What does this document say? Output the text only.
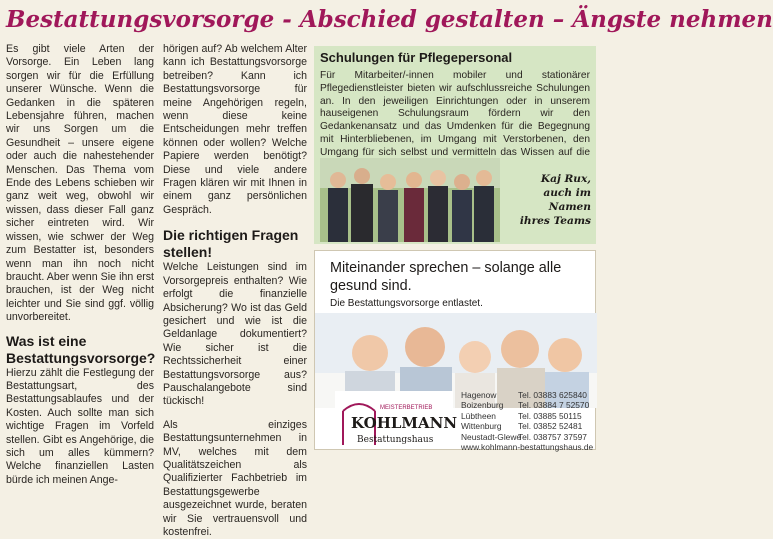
Bestattungsvorsorge - Abschied gestalten – Ängste nehmen

Es gibt viele Arten der Vorsorge. Ein Leben lang sorgen wir für die Erfüllung unserer Wünsche. Wenn die Gedanken in die späteren Lebensjahre führen, machen wir uns Sorgen um die Gesundheit – unsere eigene oder auch die nahestehender Menschen. Das Thema vom Ende des Lebens schieben wir ganz weit weg, obwohl wir wissen, dass dieser Fall ganz sicher eintreten wird. Wir wissen, wie schwer der Weg zum Bestatter ist, besonders wenn man ihn noch nicht braucht. Aber wenn Sie ihn erst brauchen, ist der Weg nicht leichter und Sie sind ggf. völlig unvorbereitet.

Was ist eine Bestattungsvorsorge?

Hierzu zählt die Festlegung der Bestattungsart, des Bestattungsablaufes und der Kosten. Auch sollte man sich wichtige Fragen im Vorfeld stellen. Gibt es Angehörige, die sich um alles kümmern? Welche finanziellen Lasten bürde ich meinen Ange-

hörigen auf? Ab welchem Alter kann ich Bestattungsvorsorge betreiben? Kann ich Bestattungsvorsorge für meine Angehörigen regeln, wenn diese keine Entscheidungen mehr treffen können oder wollen? Welche Papiere werden benötigt? Diese und viele andere Fragen klären wir mit Ihnen in einem ganz persönlichen Gespräch.

Die richtigen Fragen stellen!

Welche Leistungen sind im Vorsorgepreis enthalten? Wie erfolgt die finanzielle Absicherung? Wo ist das Geld gesichert und wie ist die Geldanlage dokumentiert? Wie sicher ist die Rechtssicherheit einer Bestattungsvorsorge aus? Pauschalangebote sind tückisch!

Als einziges Bestattungsunternehmen in MV, welches mit dem Qualitätszeichen als Qualifizierter Fachbetrieb im Bestattungsgewerbe ausgezeichnet wurde, beraten wir Sie vertrauensvoll und kostenfrei.

Schulungen für Pflegepersonal
Für Mitarbeiter/-innen mobiler und stationärer Pflegedienstleister bieten wir aufschlussreiche Schulungen an. In den jeweiligen Einrichtungen oder in unserem hauseigenen Schulungsraum fördern wir den Gedankenansatz und das Umdenken für die Begegnung mit Hinterbliebenen, im Umgang mit Verstorbenen, den Umgang für sich selbst und vermitteln das Wissen auf die
Kaj Rux,
auch im Namen
ihres Teams
Miteinander sprechen – solange alle gesund sind.
Die Bestattungsvorsorge entlastet.
MEISTERBETRIEB
KOHLMANN
Bestattungshaus
Hagenow
Boizenburg
Lübtheen
Wittenburg
Neustadt-Glewe
Tel. 03883 625840
Tel. 03884 7 52570
Tel. 03885 50115
Tel. 03852 52481
Tel. 038757 37597
www.kohlmann-bestattungshaus.de
